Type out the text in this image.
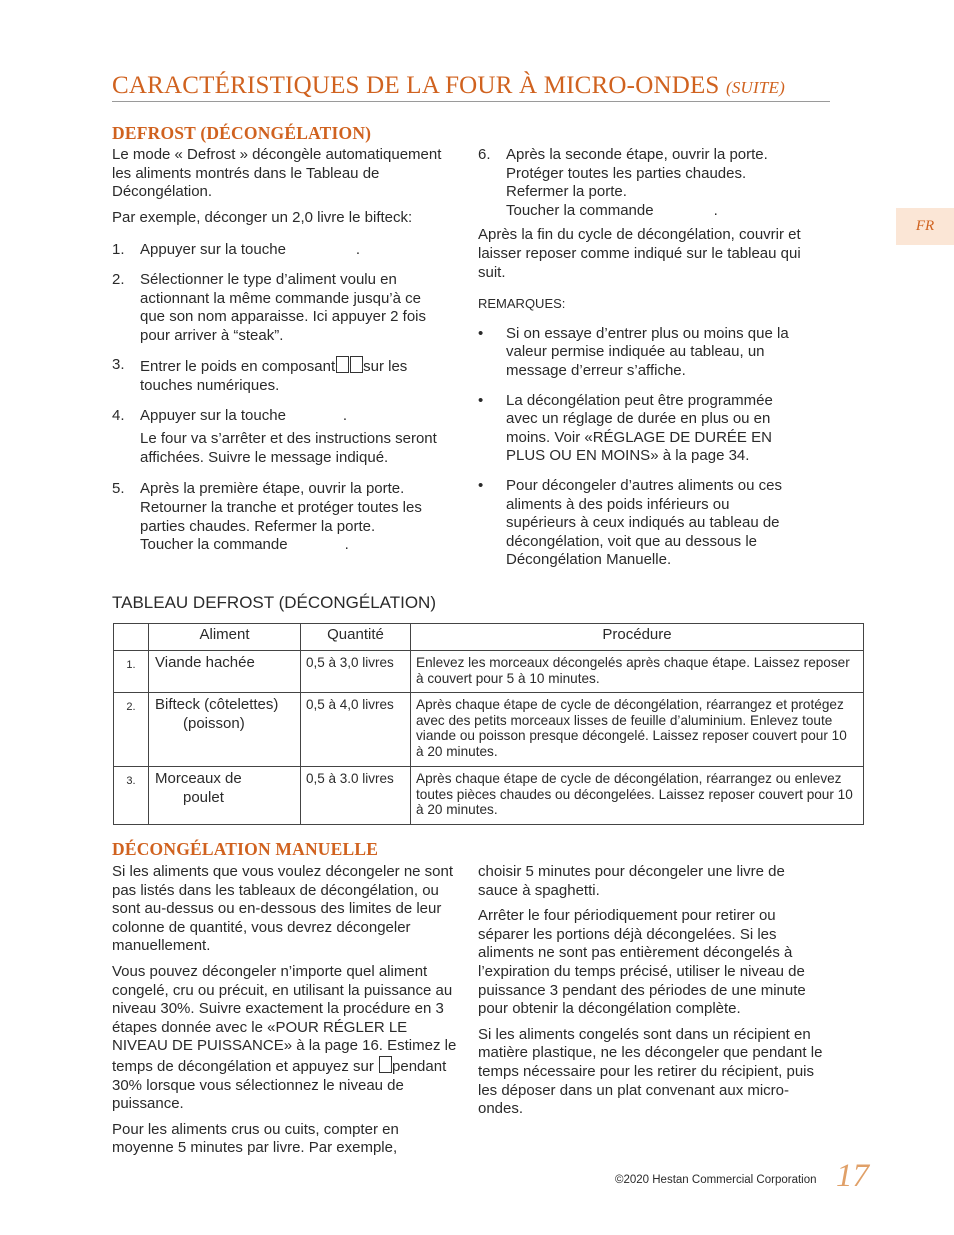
CARACTÉRISTIQUES DE LA FOUR À MICRO-ONDES (SUITE)
FR
DEFROST (DÉCONGÉLATION)

Le mode « Defrost » décongèle automatiquement les aliments montrés dans le Tableau de Décongélation.

Par exemple, déconger un 2,0 livre le bifteck:

1. Appuyer sur la touche	.
2. Sélectionner le type d’aliment voulu en actionnant la même commande jusqu’à ce que son nom apparaisse. Ici appuyer 2 fois pour arriver à “steak”.
3. Entrer le poids en composant sur les touches numériques.
4. Appuyer sur la touche	.

Le four va s’arrêter et des instructions seront affichées. Suivre le message indiqué.

5. Après la première étape, ouvrir la porte. Retourner la tranche et protéger toutes les parties chaudes. Refermer la porte.
Toucher la commande	.
6. Après la seconde étape, ouvrir la porte. Protéger toutes les parties chaudes. Refermer la porte.
Toucher la commande	.

Après la fin du cycle de décongélation, couvrir et laisser reposer comme indiqué sur le tableau qui suit.

REMARQUES:

• Si on essaye d’entrer plus ou moins que la valeur permise indiquée au tableau, un message d’erreur s’affiche.
• La décongélation peut être programmée avec un réglage de durée en plus ou en moins. Voir «RÉGLAGE DE DURÉE EN PLUS OU EN MOINS» à la page 34.
• Pour décongeler d’autres aliments ou ces aliments à des poids inférieurs ou supérieurs à ceux indiqués au tableau de décongélation, voit que au dessous le Décongélation Manuelle.
TABLEAU DEFROST (DÉCONGÉLATION)
	Aliment	Quantité	Procédure
1.	Viande hachée	0,5 à 3,0 livres	Enlevez les morceaux décongelés après chaque étape. Laissez reposer à couvert pour 5 à 10 minutes.
2.	Bifteck (côtelettes)
(poisson)	0,5 à 4,0 livres	Après chaque étape de cycle de décongélation, réarrangez et protégez avec des petits morceaux lisses de feuille d’aluminium. Enlevez toute viande ou poisson presque décongelé. Laissez reposer couvert pour 10 à 20 minutes.
3.	Morceaux de
poulet	0,5 à 3.0 livres	Après chaque étape de cycle de décongélation, réarrangez ou enlevez toutes pièces chaudes ou décongelées. Laissez reposer couvert pour 10 à 20 minutes.
DÉCONGÉLATION MANUELLE

Si les aliments que vous voulez décongeler ne sont pas listés dans les tableaux de décongélation, ou sont au-dessus ou en-dessous des limites de leur colonne de quantité, vous devrez décongeler manuellement.

Vous pouvez décongeler n’importe quel aliment congelé, cru ou précuit, en utilisant la puissance au niveau 30%. Suivre exactement la procédure en 3 étapes donnée avec le «POUR RÉGLER LE NIVEAU DE PUISSANCE» à la page 16. Estimez le temps de décongélation et appuyez sur pendant 30% lorsque vous sélectionnez le niveau de puissance.

Pour les aliments crus ou cuits, compter en moyenne 5 minutes par livre. Par exemple,

choisir 5 minutes pour décongeler une livre de sauce à spaghetti.

Arrêter le four périodiquement pour retirer ou séparer les portions déjà décongelées. Si les aliments ne sont pas entièrement décongelés à l’expiration du temps précisé, utiliser le niveau de puissance 3 pendant des périodes de une minute pour obtenir la décongélation complète.

Si les aliments congelés sont dans un récipient en matière plastique, ne les décongeler que pendant le temps nécessaire pour les retirer du récipient, puis les déposer dans un plat convenant aux micro-ondes.

©2020 Hestan Commercial Corporation 17
